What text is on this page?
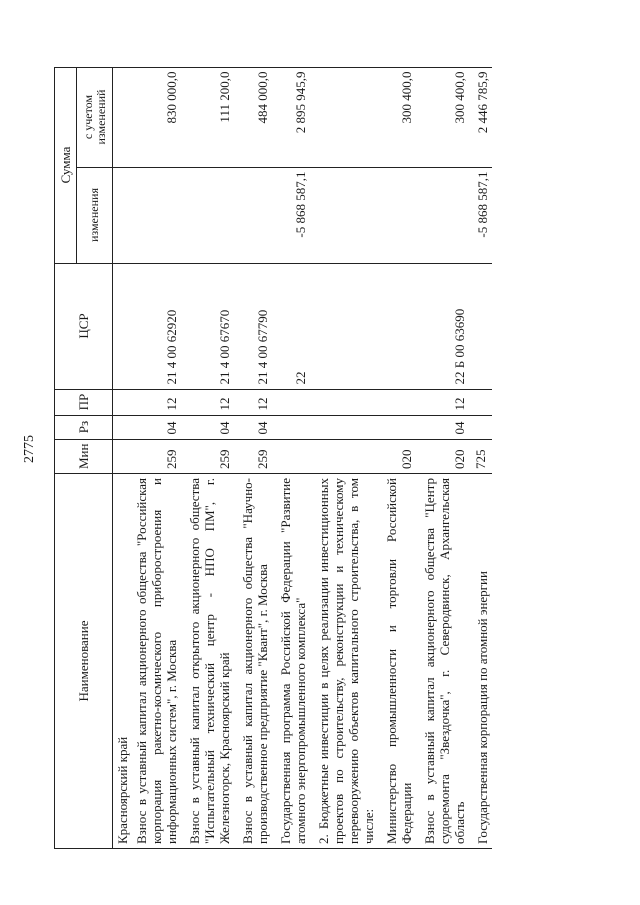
2775
Наименование	Мин	Рз	ПР	ЦСР	Сумма	
					изменения	с учетом изменений
Красноярский край						
Взнос в уставный капитал акционерного общества "Российская корпорация ракетно-космического приборостроения и информационных систем", г. Москва	259	04	12	21 4 00 62920		830 000,0
Взнос в уставный капитал открытого акционерного общества "Испытательный технический центр - НПО ПМ", г. Железногорск, Красноярский край	259	04	12	21 4 00 67670		111 200,0
Взнос в уставный капитал акционерного общества "Научно-производственное предприятие "Квант", г. Москва	259	04	12	21 4 00 67790		484 000,0
Государственная программа Российской Федерации "Развитие атомного энергопромышленного комплекса"				22	-5 868 587,1	2 895 945,9
2. Бюджетные инвестиции в целях реализации инвестиционных проектов по строительству, реконструкции и техническому перевооружению объектов капитального строительства, в том числе:						
Министерство промышленности и торговли Российской Федерации	020					300 400,0
Взнос в уставный капитал акционерного общества "Центр судоремонта "Звездочка", г. Северодвинск, Архангельская область	020	04	12	22 Б 00 63690		300 400,0
Государственная корпорация по атомной энергии	725				-5 868 587,1	2 446 785,9
